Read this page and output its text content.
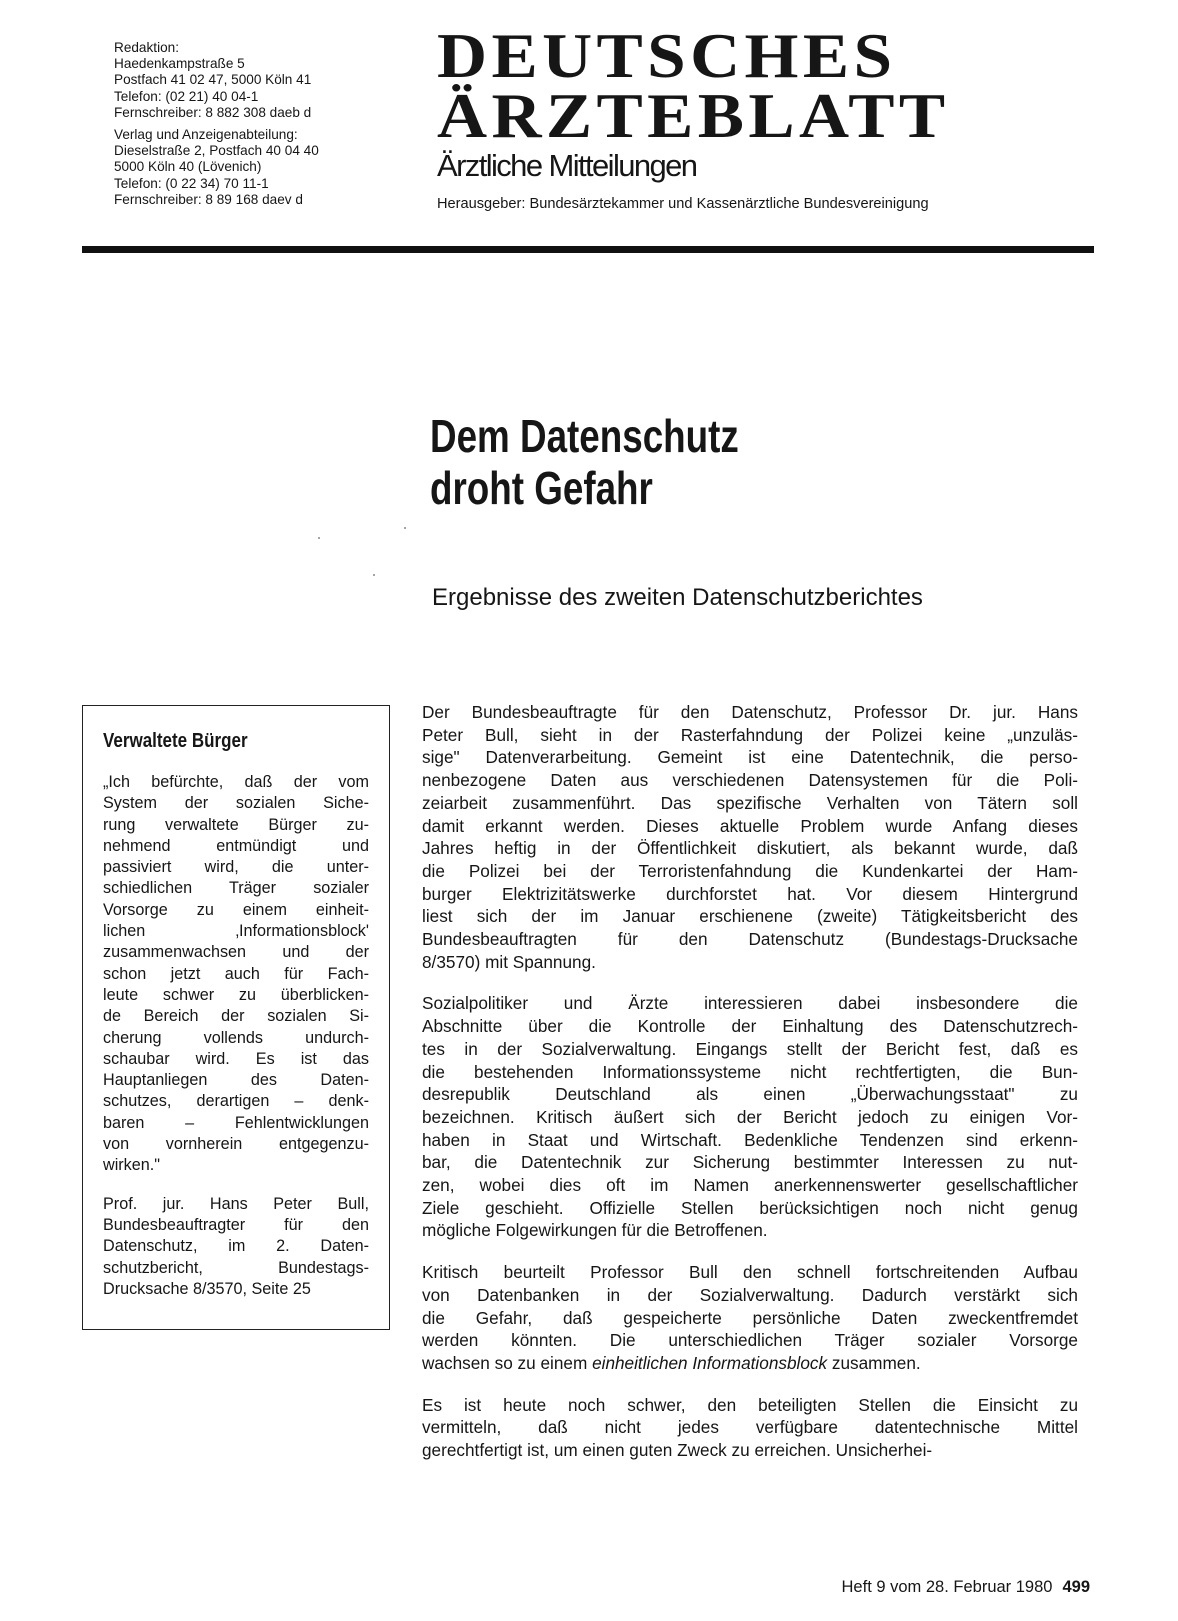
Redaktion:
Haedenkampstraße 5
Postfach 41 02 47, 5000 Köln 41
Telefon: (02 21) 40 04-1
Fernschreiber: 8 882 308 daeb d
Verlag und Anzeigenabteilung:
Dieselstraße 2, Postfach 40 04 40
5000 Köln 40 (Lövenich)
Telefon: (0 22 34) 70 11-1
Fernschreiber: 8 89 168 daev d
DEUTSCHES
ÄRZTEBLATT
Ärztliche Mitteilungen
Herausgeber: Bundesärztekammer und Kassenärztliche Bundesvereinigung
Dem Datenschutz
droht Gefahr
Ergebnisse des zweiten Datenschutzberichtes
Verwaltete Bürger
„Ich befürchte, daß der vom
System der sozialen Siche-
rung verwaltete Bürger zu-
nehmend entmündigt und
passiviert wird, die unter-
schiedlichen Träger sozialer
Vorsorge zu einem einheit-
lichen ‚Informationsblock'
zusammenwachsen und der
schon jetzt auch für Fach-
leute schwer zu überblicken-
de Bereich der sozialen Si-
cherung vollends undurch-
schaubar wird. Es ist das
Hauptanliegen des Daten-
schutzes, derartigen – denk-
baren – Fehlentwicklungen
von vornherein entgegenzu-
wirken."
Prof. jur. Hans Peter Bull,
Bundesbeauftragter für den
Datenschutz, im 2. Daten-
schutzbericht, Bundestags-
Drucksache 8/3570, Seite 25

Der Bundesbeauftragte für den Datenschutz, Professor Dr. jur. Hans
Peter Bull, sieht in der Rasterfahndung der Polizei keine „unzuläs-
sige" Datenverarbeitung. Gemeint ist eine Datentechnik, die perso-
nenbezogene Daten aus verschiedenen Datensystemen für die Poli-
zeiarbeit zusammenführt. Das spezifische Verhalten von Tätern soll
damit erkannt werden. Dieses aktuelle Problem wurde Anfang dieses
Jahres heftig in der Öffentlichkeit diskutiert, als bekannt wurde, daß
die Polizei bei der Terroristenfahndung die Kundenkartei der Ham-
burger Elektrizitätswerke durchforstet hat. Vor diesem Hintergrund
liest sich der im Januar erschienene (zweite) Tätigkeitsbericht des
Bundesbeauftragten für den Datenschutz (Bundestags-Drucksache
8/3570) mit Spannung.

Sozialpolitiker und Ärzte interessieren dabei insbesondere die
Abschnitte über die Kontrolle der Einhaltung des Datenschutzrech-
tes in der Sozialverwaltung. Eingangs stellt der Bericht fest, daß es
die bestehenden Informationssysteme nicht rechtfertigten, die Bun-
desrepublik Deutschland als einen „Überwachungsstaat" zu
bezeichnen. Kritisch äußert sich der Bericht jedoch zu einigen Vor-
haben in Staat und Wirtschaft. Bedenkliche Tendenzen sind erkenn-
bar, die Datentechnik zur Sicherung bestimmter Interessen zu nut-
zen, wobei dies oft im Namen anerkennenswerter gesellschaftlicher
Ziele geschieht. Offizielle Stellen berücksichtigen noch nicht genug
mögliche Folgewirkungen für die Betroffenen.

Kritisch beurteilt Professor Bull den schnell fortschreitenden Aufbau
von Datenbanken in der Sozialverwaltung. Dadurch verstärkt sich
die Gefahr, daß gespeicherte persönliche Daten zweckentfremdet
werden könnten. Die unterschiedlichen Träger sozialer Vorsorge
wachsen so zu einem einheitlichen Informationsblock zusammen.

Es ist heute noch schwer, den beteiligten Stellen die Einsicht zu
vermitteln, daß nicht jedes verfügbare datentechnische Mittel
gerechtfertigt ist, um einen guten Zweck zu erreichen. Unsicherhei-

Heft 9 vom 28. Februar 1980 499
